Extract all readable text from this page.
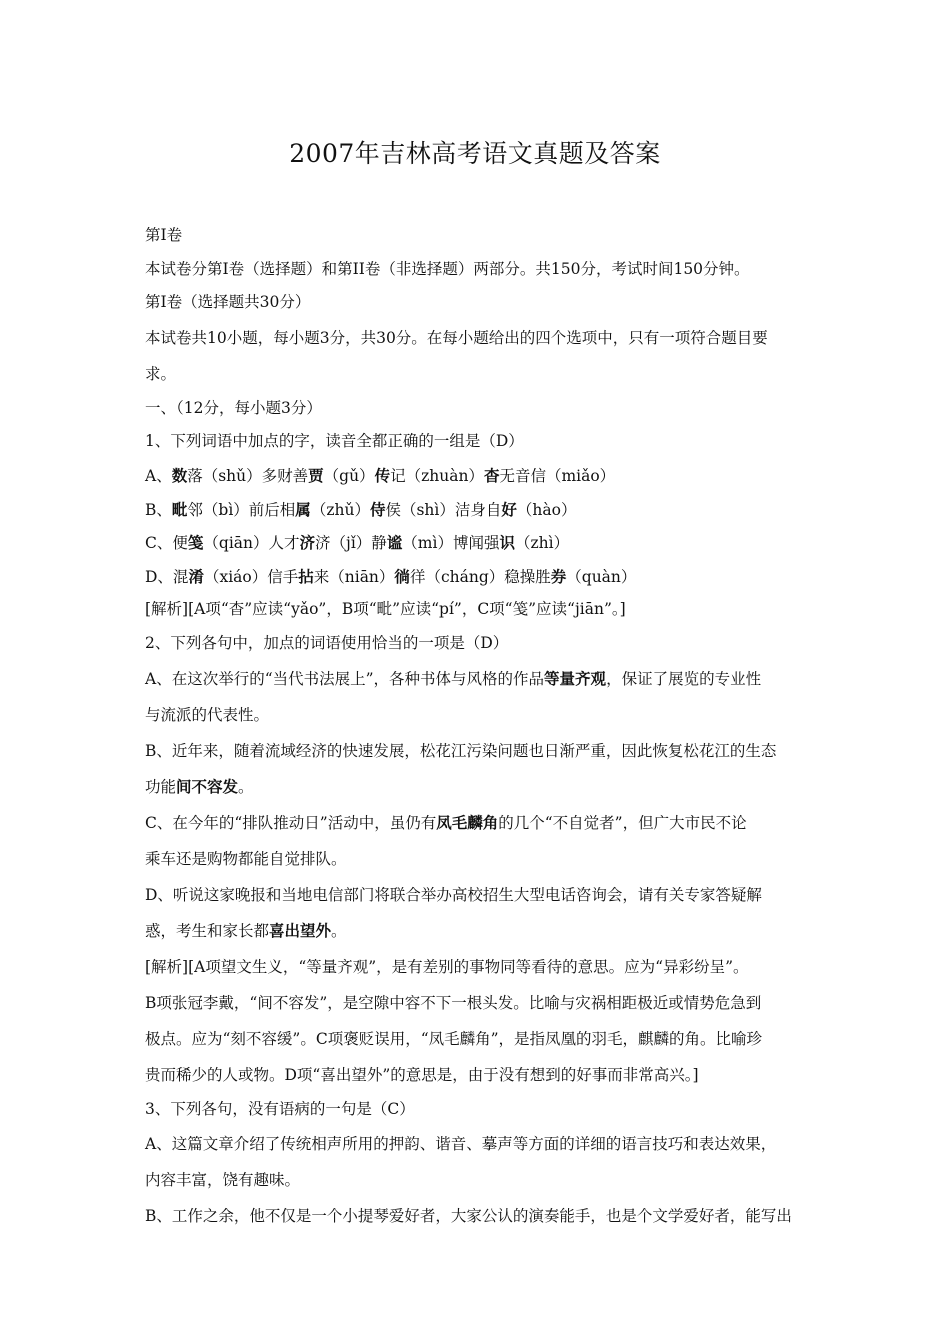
2007年吉林高考语文真题及答案
第Ⅰ卷
本试卷分第Ⅰ卷（选择题）和第II卷（非选择题）两部分。共150分，考试时间150分钟。
第Ⅰ卷（选择题共30分）
本试卷共10小题，每小题3分，共30分。在每小题给出的四个选项中，只有一项符合题目要
求。
一、（12分，每小题3分）
1、下列词语中加点的字，读音全都正确的一组是（D）
A、数落（shǔ）多财善贾（gǔ）传记（zhuàn）杳无音信（miǎo）
B、毗邻（bì）前后相属（zhǔ）侍侯（shì）洁身自好（hào）
C、便笺（qiān）人才济济（jǐ）静谧（mì）博闻强识（zhì）
D、混淆（xiáo）信手拈来（niān）徜徉（cháng）稳操胜券（quàn）
[解析][A项“杳”应读“yǎo”，B项“毗”应读“pí”，C项“笺”应读“jiān”。]
2、下列各句中，加点的词语使用恰当的一项是（D）
A、在这次举行的“当代书法展上”，各种书体与风格的作品等量齐观，保证了展览的专业性
与流派的代表性。
B、近年来，随着流域经济的快速发展，松花江污染问题也日渐严重，因此恢复松花江的生态
功能间不容发。
C、在今年的“排队推动日”活动中，虽仍有凤毛麟角的几个“不自觉者”，但广大市民不论
乘车还是购物都能自觉排队。
D、听说这家晚报和当地电信部门将联合举办高校招生大型电话咨询会，请有关专家答疑解
惑，考生和家长都喜出望外。
[解析][A项望文生义，“等量齐观”，是有差别的事物同等看待的意思。应为“异彩纷呈”。
B项张冠李戴，“间不容发”，是空隙中容不下一根头发。比喻与灾祸相距极近或情势危急到
极点。应为“刻不容缓”。C项褒贬误用，“凤毛麟角”，是指凤凰的羽毛，麒麟的角。比喻珍
贵而稀少的人或物。D项“喜出望外”的意思是，由于没有想到的好事而非常高兴。]
3、下列各句，没有语病的一句是（C）
A、这篇文章介绍了传统相声所用的押韵、谐音、摹声等方面的详细的语言技巧和表达效果，
内容丰富，饶有趣味。
B、工作之余，他不仅是一个小提琴爱好者，大家公认的演奏能手，也是个文学爱好者，能写出
